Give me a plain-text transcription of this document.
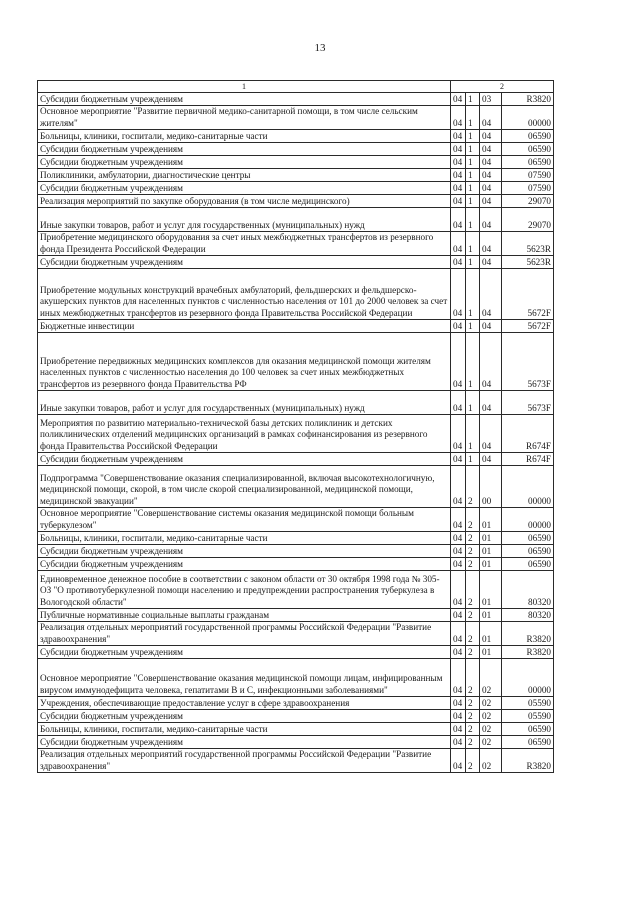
13
1	2			
Субсидии бюджетным учреждениям	04	1	03	R3820
Основное мероприятие "Развитие первичной медико-санитарной помощи, в том числе сельским жителям"	04	1	04	00000
Больницы, клиники, госпитали, медико-санитарные части	04	1	04	06590
Субсидии бюджетным учреждениям	04	1	04	06590
Субсидии бюджетным учреждениям	04	1	04	06590
Поликлиники, амбулатории, диагностические центры	04	1	04	07590
Субсидии бюджетным учреждениям	04	1	04	07590
Реализация мероприятий по закупке оборудования (в том числе медицинского)	04	1	04	29070
Иные закупки товаров, работ и услуг для государственных (муниципальных) нужд	04	1	04	29070
Приобретение медицинского оборудования за счет иных межбюджетных трансфертов из резервного фонда Президента Российской Федерации	04	1	04	5623R
Субсидии бюджетным учреждениям	04	1	04	5623R
Приобретение модульных конструкций врачебных амбулаторий, фельдшерских и фельдшерско-акушерских пунктов для населенных пунктов с численностью населения от 101 до 2000 человек за счет иных межбюджетных трансфертов из резервного фонда Правительства Российской Федерации	04	1	04	5672F
Бюджетные инвестиции	04	1	04	5672F
Приобретение передвижных медицинских комплексов для оказания медицинской помощи жителям населенных пунктов с численностью населения до 100 человек за счет иных межбюджетных трансфертов из резервного фонда Правительства РФ	04	1	04	5673F
Иные закупки товаров, работ и услуг для государственных (муниципальных) нужд	04	1	04	5673F
Мероприятия по развитию материально-технической базы детских поликлиник и детских поликлинических отделений медицинских организаций в рамках софинансирования из резервного фонда Правительства Российской Федерации	04	1	04	R674F
Субсидии бюджетным учреждениям	04	1	04	R674F
Подпрограмма "Совершенствование оказания специализированной, включая высокотехнологичную, медицинской помощи, скорой, в том числе скорой специализированной, медицинской помощи, медицинской эвакуации"	04	2	00	00000
Основное мероприятие "Совершенствование системы оказания медицинской помощи больным туберкулезом"	04	2	01	00000
Больницы, клиники, госпитали, медико-санитарные части	04	2	01	06590
Субсидии бюджетным учреждениям	04	2	01	06590
Субсидии бюджетным учреждениям	04	2	01	06590
Единовременное денежное пособие в соответствии с законом области от 30 октября 1998 года № 305-ОЗ "О противотуберкулезной помощи населению и предупреждении распространения туберкулеза в Вологодской области"	04	2	01	80320
Публичные нормативные социальные выплаты гражданам	04	2	01	80320
Реализация отдельных мероприятий государственной программы Российской Федерации "Развитие здравоохранения"	04	2	01	R3820
Субсидии бюджетным учреждениям	04	2	01	R3820
Основное мероприятие "Совершенствование оказания медицинской помощи лицам, инфицированным вирусом иммунодефицита человека, гепатитами В и С, инфекционными заболеваниями"	04	2	02	00000
Учреждения, обеспечивающие предоставление услуг в сфере здравоохранения	04	2	02	05590
Субсидии бюджетным учреждениям	04	2	02	05590
Больницы, клиники, госпитали, медико-санитарные части	04	2	02	06590
Субсидии бюджетным учреждениям	04	2	02	06590
Реализация отдельных мероприятий государственной программы Российской Федерации "Развитие здравоохранения"	04	2	02	R3820
